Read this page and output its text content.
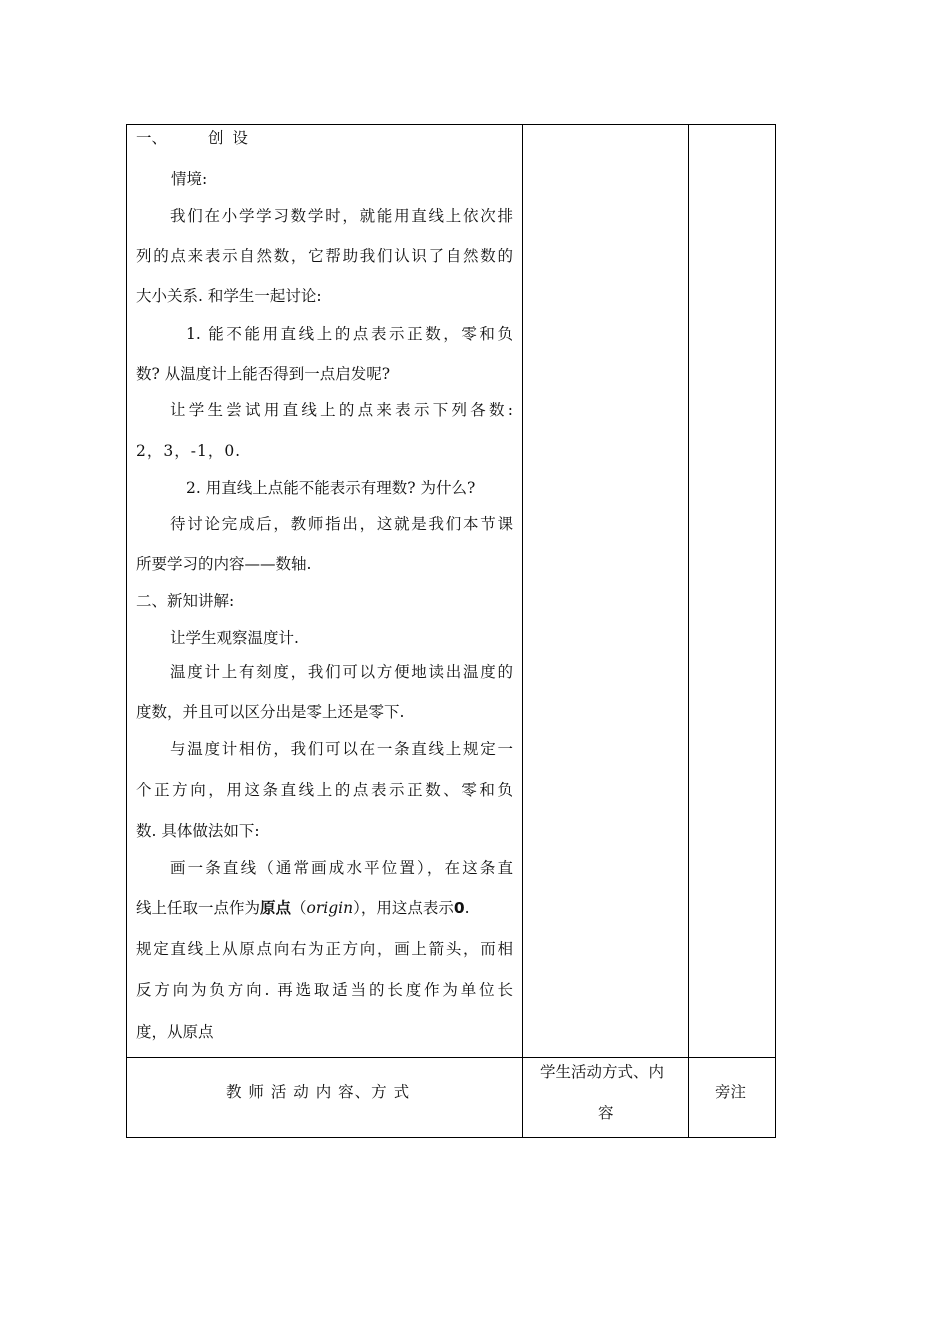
一、	创 设
情境:
我们在小学学习数学时，就能用直线上依次排
列的点来表示自然数，它帮助我们认识了自然数的
大小关系. 和学生一起讨论:
1. 能不能用直线上的点表示正数，零和负
数? 从温度计上能否得到一点启发呢?
让学生尝试用直线上的点来表示下列各数:
2，3，-1，0.
2. 用直线上点能不能表示有理数? 为什么?
待讨论完成后，教师指出，这就是我们本节课
所要学习的内容——数轴.
二、新知讲解:
让学生观察温度计.
温度计上有刻度，我们可以方便地读出温度的
度数，并且可以区分出是零上还是零下.
与温度计相仿，我们可以在一条直线上规定一
个正方向，用这条直线上的点表示正数、零和负
数. 具体做法如下:
画一条直线（通常画成水平位置），在这条直
线上任取一点作为原点（origin），用这点表示0.
规定直线上从原点向右为正方向，画上箭头，而相
反方向为负方向. 再选取适当的长度作为单位长
度，从原点
教 师 活 动 内 容、方 式
学生活动方式、内
容
旁注
